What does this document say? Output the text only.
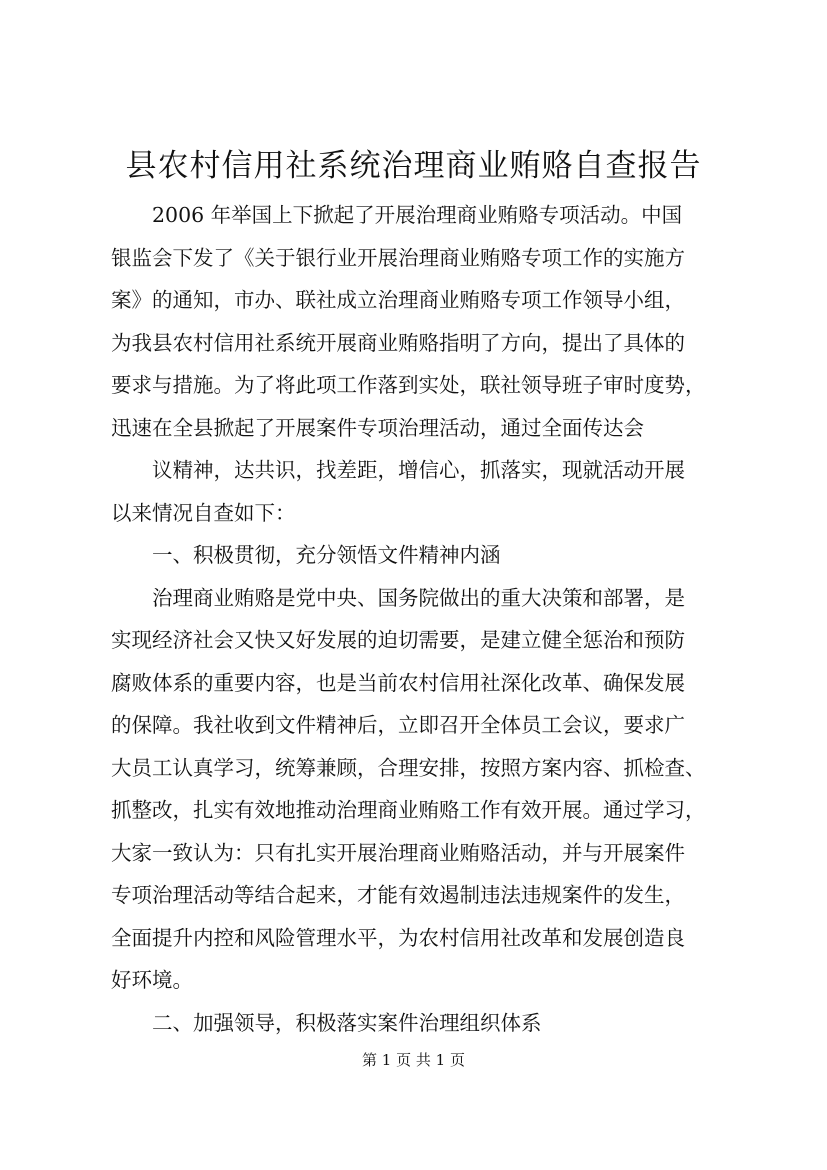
县农村信用社系统治理商业贿赂自查报告

2006 年举国上下掀起了开展治理商业贿赂专项活动。中国
银监会下发了《关于银行业开展治理商业贿赂专项工作的实施方
案》的通知，市办、联社成立治理商业贿赂专项工作领导小组，
为我县农村信用社系统开展商业贿赂指明了方向，提出了具体的
要求与措施。为了将此项工作落到实处，联社领导班子审时度势，
迅速在全县掀起了开展案件专项治理活动，通过全面传达会

议精神，达共识，找差距，增信心，抓落实，现就活动开展
以来情况自查如下：

一、积极贯彻，充分领悟文件精神内涵

治理商业贿赂是党中央、国务院做出的重大决策和部署，是
实现经济社会又快又好发展的迫切需要，是建立健全惩治和预防
腐败体系的重要内容，也是当前农村信用社深化改革、确保发展
的保障。我社收到文件精神后，立即召开全体员工会议，要求广
大员工认真学习，统筹兼顾，合理安排，按照方案内容、抓检查、
抓整改，扎实有效地推动治理商业贿赂工作有效开展。通过学习，
大家一致认为：只有扎实开展治理商业贿赂活动，并与开展案件
专项治理活动等结合起来，才能有效遏制违法违规案件的发生，
全面提升内控和风险管理水平，为农村信用社改革和发展创造良
好环境。

二、加强领导，积极落实案件治理组织体系

第 1 页 共 1 页
